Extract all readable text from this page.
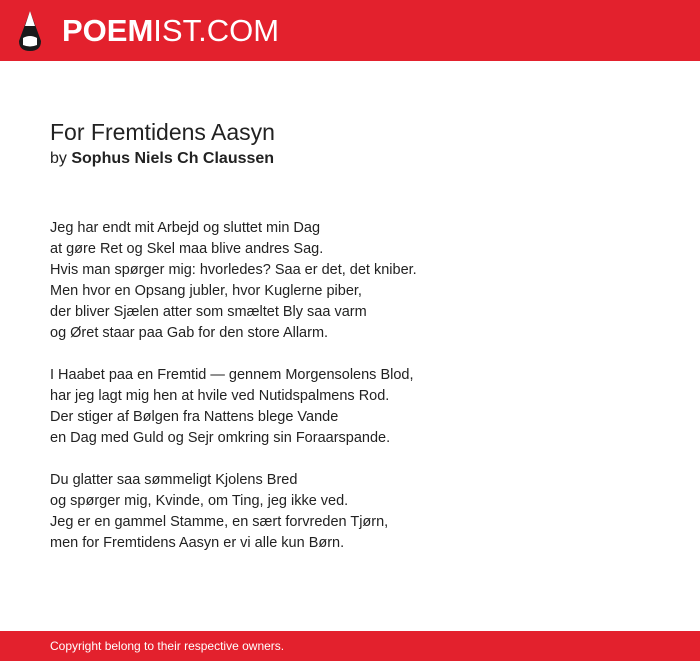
POEMIST.COM
For Fremtidens Aasyn
by Sophus Niels Ch Claussen
Jeg har endt mit Arbejd og sluttet min Dag
at gøre Ret og Skel maa blive andres Sag.
Hvis man spørger mig: hvorledes? Saa er det, det kniber.
Men hvor en Opsang jubler, hvor Kuglerne piber,
der bliver Sjælen atter som smæltet Bly saa varm
og Øret staar paa Gab for den store Allarm.
I Haabet paa en Fremtid — gennem Morgensolens Blod,
har jeg lagt mig hen at hvile ved Nutidspalmens Rod.
Der stiger af Bølgen fra Nattens blege Vande
en Dag med Guld og Sejr omkring sin Foraarspande.
Du glatter saa sømmeligt Kjolens Bred
og spørger mig, Kvinde, om Ting, jeg ikke ved.
Jeg er en gammel Stamme, en sært forvreden Tjørn,
men for Fremtidens Aasyn er vi alle kun Børn.
Copyright belong to their respective owners.
